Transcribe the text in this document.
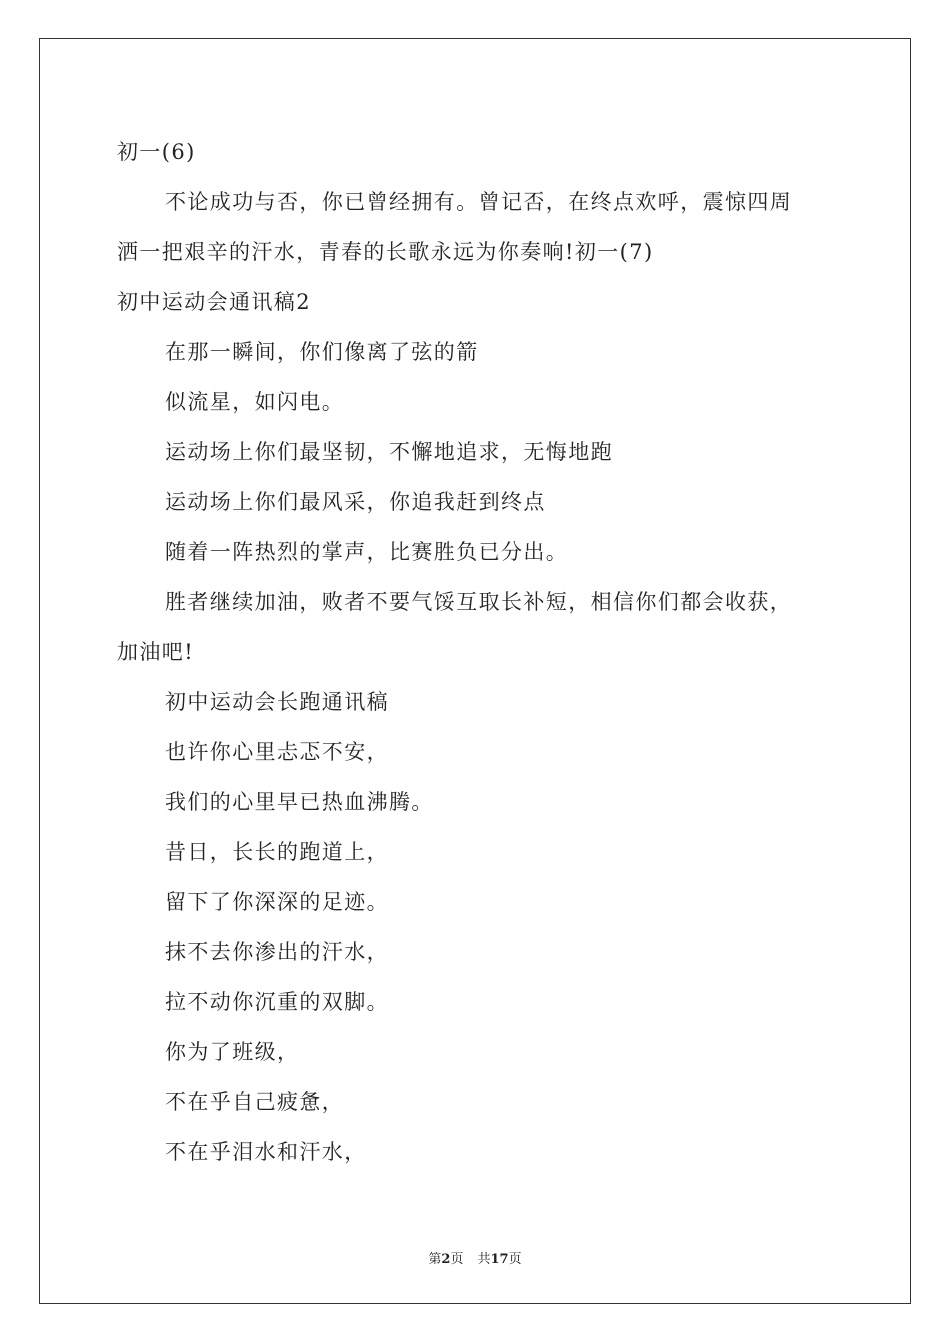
初一(6)
不论成功与否，你已曾经拥有。曾记否，在终点欢呼，震惊四周
洒一把艰辛的汗水，青春的长歌永远为你奏响!初一(7)
初中运动会通讯稿2
在那一瞬间，你们像离了弦的箭
似流星，如闪电。
运动场上你们最坚韧，不懈地追求，无悔地跑
运动场上你们最风采，你追我赶到终点
随着一阵热烈的掌声，比赛胜负已分出。
胜者继续加油，败者不要气馁互取长补短，相信你们都会收获，
加油吧!
初中运动会长跑通讯稿
也许你心里忐忑不安，
我们的心里早已热血沸腾。
昔日，长长的跑道上，
留下了你深深的足迹。
抹不去你渗出的汗水，
拉不动你沉重的双脚。
你为了班级，
不在乎自己疲惫，
不在乎泪水和汗水，
第2页 共17页
